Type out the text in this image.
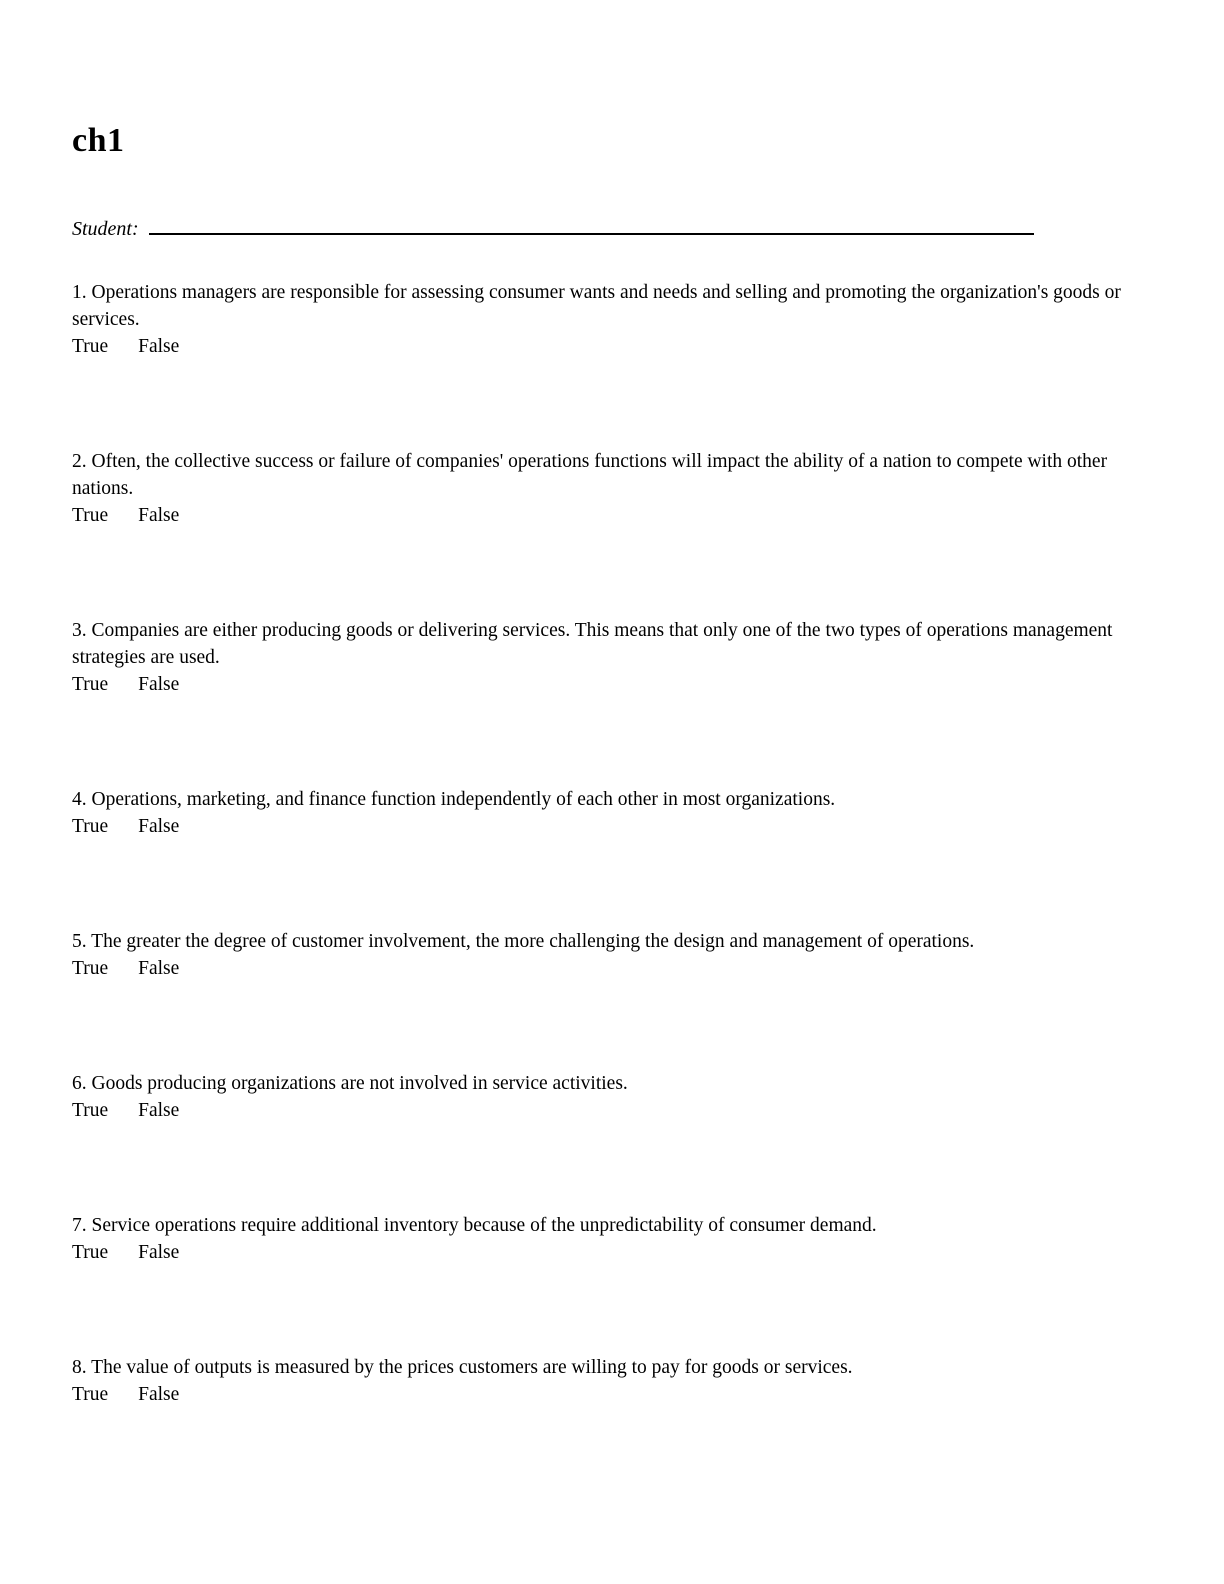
ch1
Student:

1. Operations managers are responsible for assessing consumer wants and needs and selling and promoting the organization's goods or services.

True False

2. Often, the collective success or failure of companies' operations functions will impact the ability of a nation to compete with other nations.

True False

3. Companies are either producing goods or delivering services. This means that only one of the two types of operations management strategies are used.

True False

4. Operations, marketing, and finance function independently of each other in most organizations.

True False

5. The greater the degree of customer involvement, the more challenging the design and management of operations.

True False

6. Goods producing organizations are not involved in service activities.

True False

7. Service operations require additional inventory because of the unpredictability of consumer demand.

True False

8. The value of outputs is measured by the prices customers are willing to pay for goods or services.

True False
